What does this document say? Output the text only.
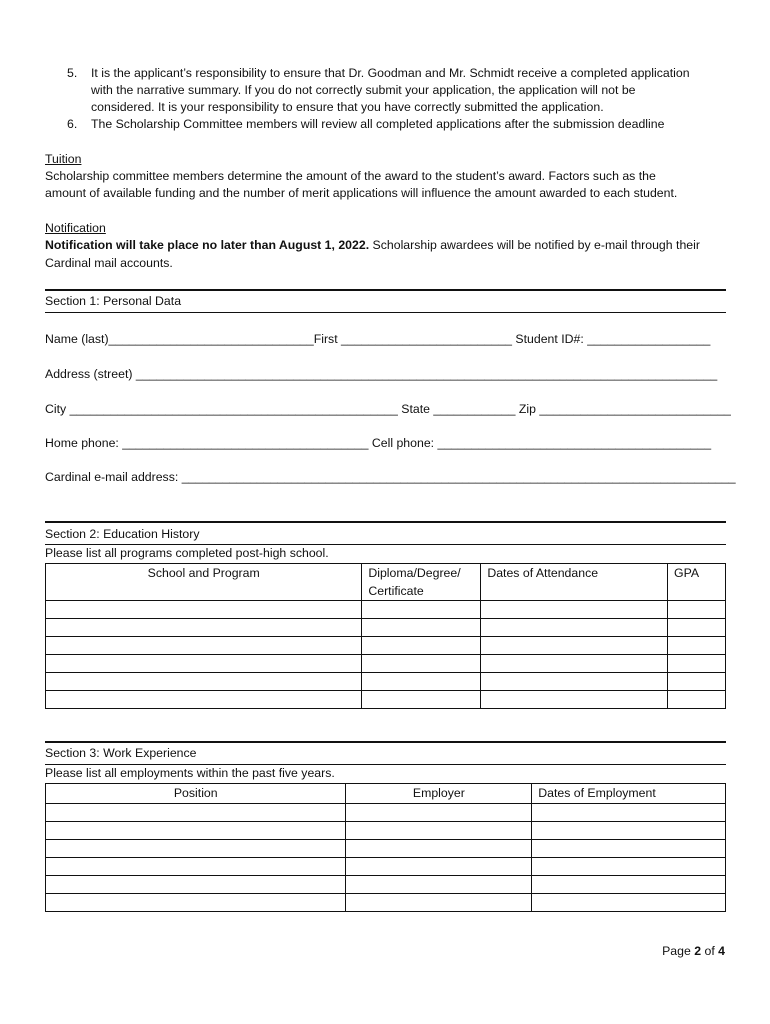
5. It is the applicant’s responsibility to ensure that Dr. Goodman and Mr. Schmidt receive a completed application
with the narrative summary. If you do not correctly submit your application, the application will not be
considered. It is your responsibility to ensure that you have correctly submitted the application.
6. The Scholarship Committee members will review all completed applications after the submission deadline
Tuition
Scholarship committee members determine the amount of the award to the student’s award. Factors such as the
amount of available funding and the number of merit applications will influence the amount awarded to each student.
Notification
Notification will take place no later than August 1, 2022. Scholarship awardees will be notified by e-mail through their
Cardinal mail accounts.
Section 1: Personal Data
Name (last)______________________________First _________________________ Student ID#: __________________
Address (street) _____________________________________________________________________________________
City ________________________________________________ State ____________ Zip ____________________________
Home phone: ____________________________________ Cell phone: ________________________________________
Cardinal e-mail address: _________________________________________________________________________________
Section 2: Education History
Please list all programs completed post-high school.
School and Program	Diploma/Degree/
Certificate	Dates of Attendance	GPA

Section 3: Work Experience
Please list all employments within the past five years.
Position	Employer	Dates of Employment

Page 2 of 4
